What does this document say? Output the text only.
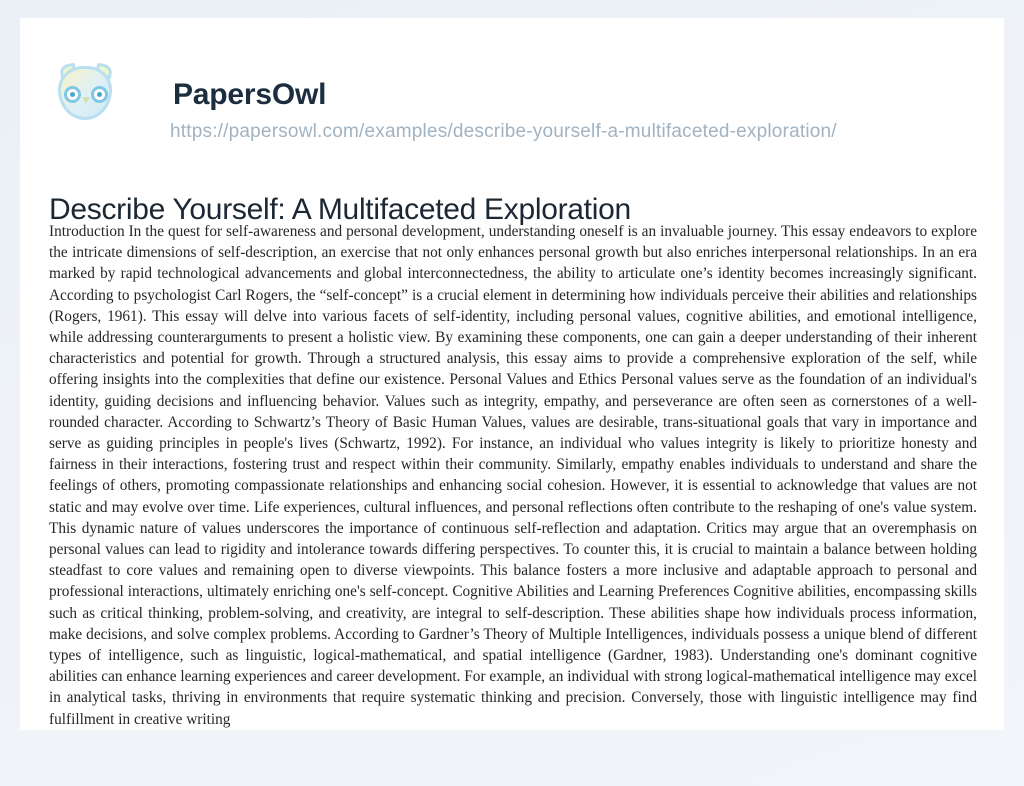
PapersOwl
https://papersowl.com/examples/describe-yourself-a-multifaceted-exploration/
Describe Yourself: A Multifaceted Exploration
Introduction In the quest for self-awareness and personal development, understanding oneself is an invaluable journey. This essay endeavors to explore the intricate dimensions of self-description, an exercise that not only enhances personal growth but also enriches interpersonal relationships. In an era marked by rapid technological advancements and global interconnectedness, the ability to articulate one’s identity becomes increasingly significant. According to psychologist Carl Rogers, the “self-concept” is a crucial element in determining how individuals perceive their abilities and relationships (Rogers, 1961). This essay will delve into various facets of self-identity, including personal values, cognitive abilities, and emotional intelligence, while addressing counterarguments to present a holistic view. By examining these components, one can gain a deeper understanding of their inherent characteristics and potential for growth. Through a structured analysis, this essay aims to provide a comprehensive exploration of the self, while offering insights into the complexities that define our existence. Personal Values and Ethics Personal values serve as the foundation of an individual's identity, guiding decisions and influencing behavior. Values such as integrity, empathy, and perseverance are often seen as cornerstones of a well-rounded character. According to Schwartz’s Theory of Basic Human Values, values are desirable, trans-situational goals that vary in importance and serve as guiding principles in people's lives (Schwartz, 1992). For instance, an individual who values integrity is likely to prioritize honesty and fairness in their interactions, fostering trust and respect within their community. Similarly, empathy enables individuals to understand and share the feelings of others, promoting compassionate relationships and enhancing social cohesion. However, it is essential to acknowledge that values are not static and may evolve over time. Life experiences, cultural influences, and personal reflections often contribute to the reshaping of one's value system. This dynamic nature of values underscores the importance of continuous self-reflection and adaptation. Critics may argue that an overemphasis on personal values can lead to rigidity and intolerance towards differing perspectives. To counter this, it is crucial to maintain a balance between holding steadfast to core values and remaining open to diverse viewpoints. This balance fosters a more inclusive and adaptable approach to personal and professional interactions, ultimately enriching one's self-concept. Cognitive Abilities and Learning Preferences Cognitive abilities, encompassing skills such as critical thinking, problem-solving, and creativity, are integral to self-description. These abilities shape how individuals process information, make decisions, and solve complex problems. According to Gardner’s Theory of Multiple Intelligences, individuals possess a unique blend of different types of intelligence, such as linguistic, logical-mathematical, and spatial intelligence (Gardner, 1983). Understanding one's dominant cognitive abilities can enhance learning experiences and career development. For example, an individual with strong logical-mathematical intelligence may excel in analytical tasks, thriving in environments that require systematic thinking and precision. Conversely, those with linguistic intelligence may find fulfillment in creative writing
